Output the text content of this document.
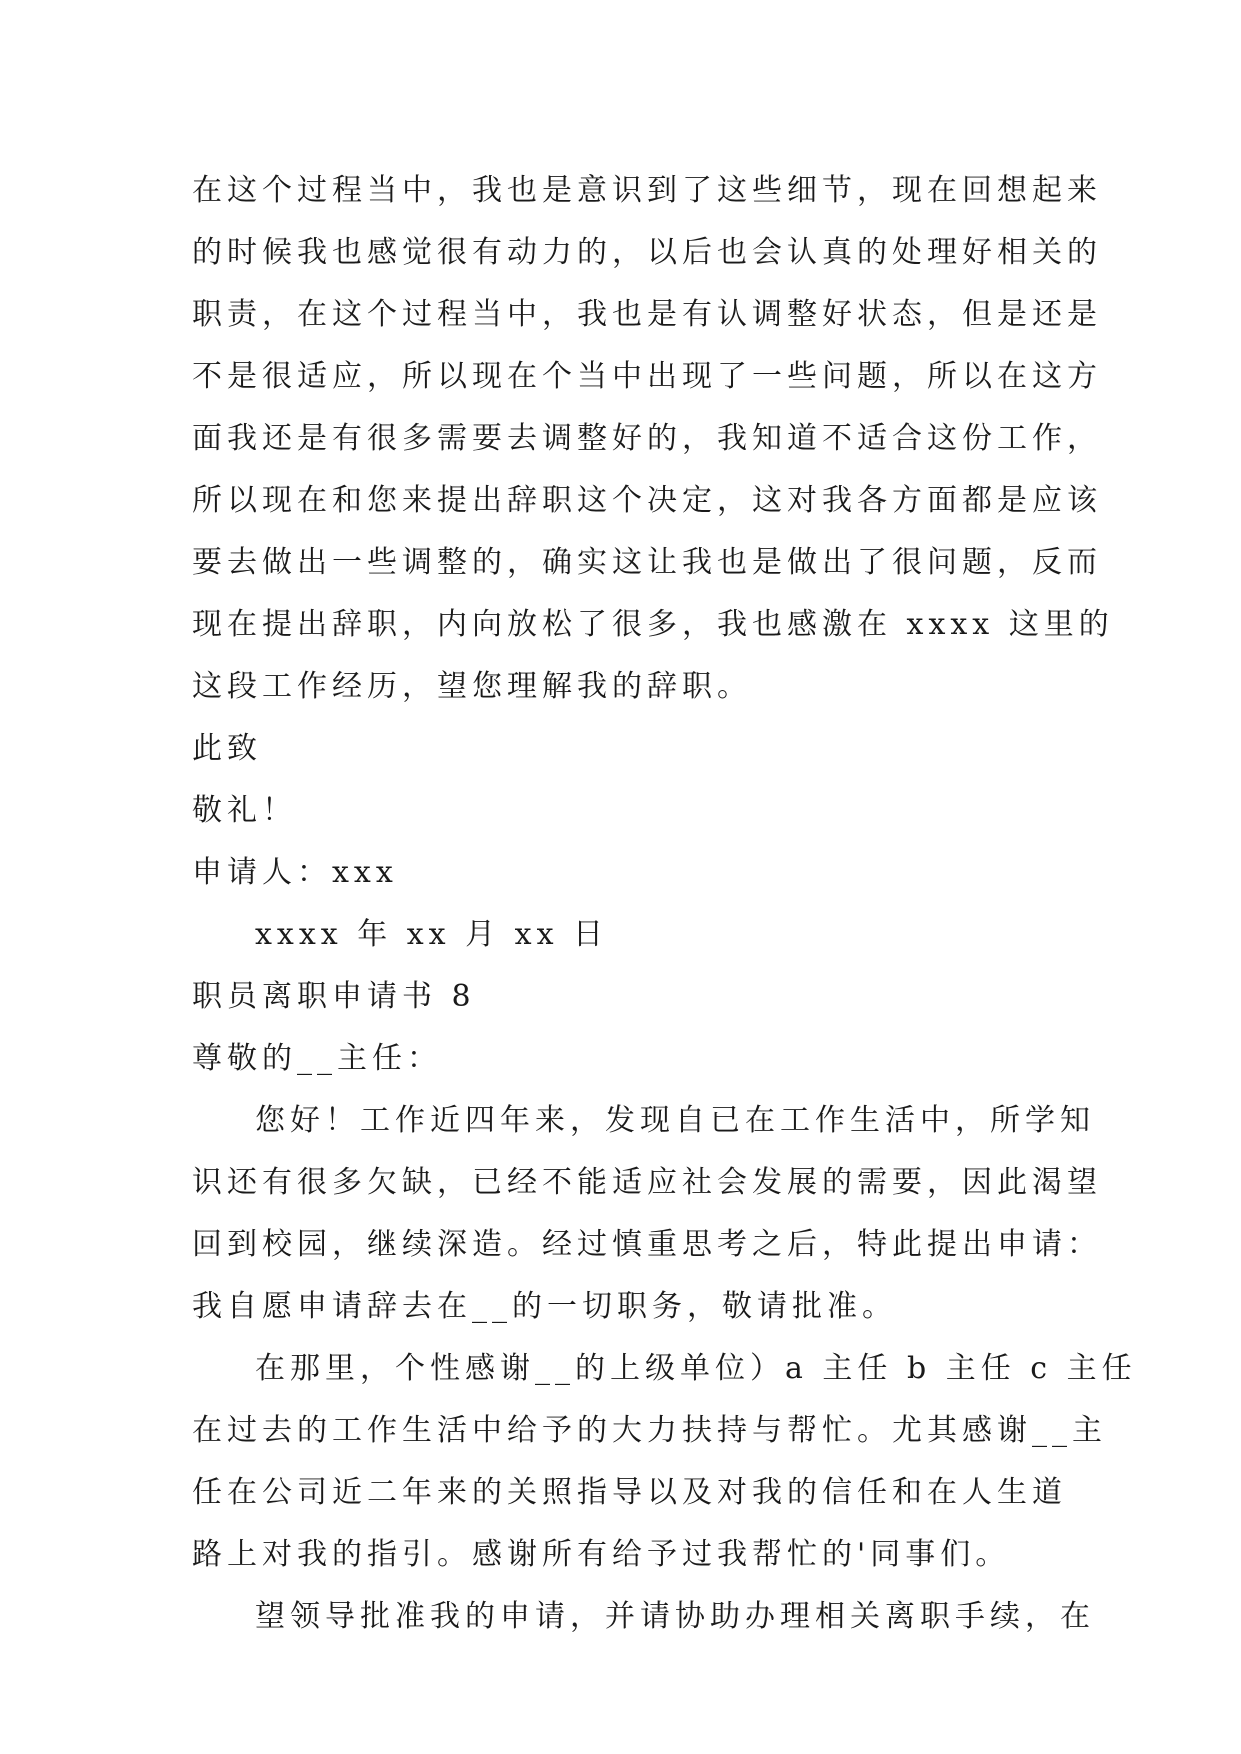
在这个过程当中，我也是意识到了这些细节，现在回想起来
的时候我也感觉很有动力的，以后也会认真的处理好相关的
职责，在这个过程当中，我也是有认调整好状态，但是还是
不是很适应，所以现在个当中出现了一些问题，所以在这方
面我还是有很多需要去调整好的，我知道不适合这份工作，
所以现在和您来提出辞职这个决定，这对我各方面都是应该
要去做出一些调整的，确实这让我也是做出了很问题，反而
现在提出辞职，内向放松了很多，我也感激在 xxxx 这里的
这段工作经历，望您理解我的辞职。
此致
敬礼！
申请人：xxx
xxxx 年 xx 月 xx 日
职员离职申请书 8
尊敬的__主任：
您好！工作近四年来，发现自已在工作生活中，所学知
识还有很多欠缺，已经不能适应社会发展的需要，因此渴望
回到校园，继续深造。经过慎重思考之后，特此提出申请：
我自愿申请辞去在__的一切职务，敬请批准。
在那里，个性感谢__的上级单位）a 主任 b 主任 c 主任
在过去的工作生活中给予的大力扶持与帮忙。尤其感谢__主
任在公司近二年来的关照指导以及对我的信任和在人生道
路上对我的指引。感谢所有给予过我帮忙的'同事们。
望领导批准我的申请，并请协助办理相关离职手续，在
